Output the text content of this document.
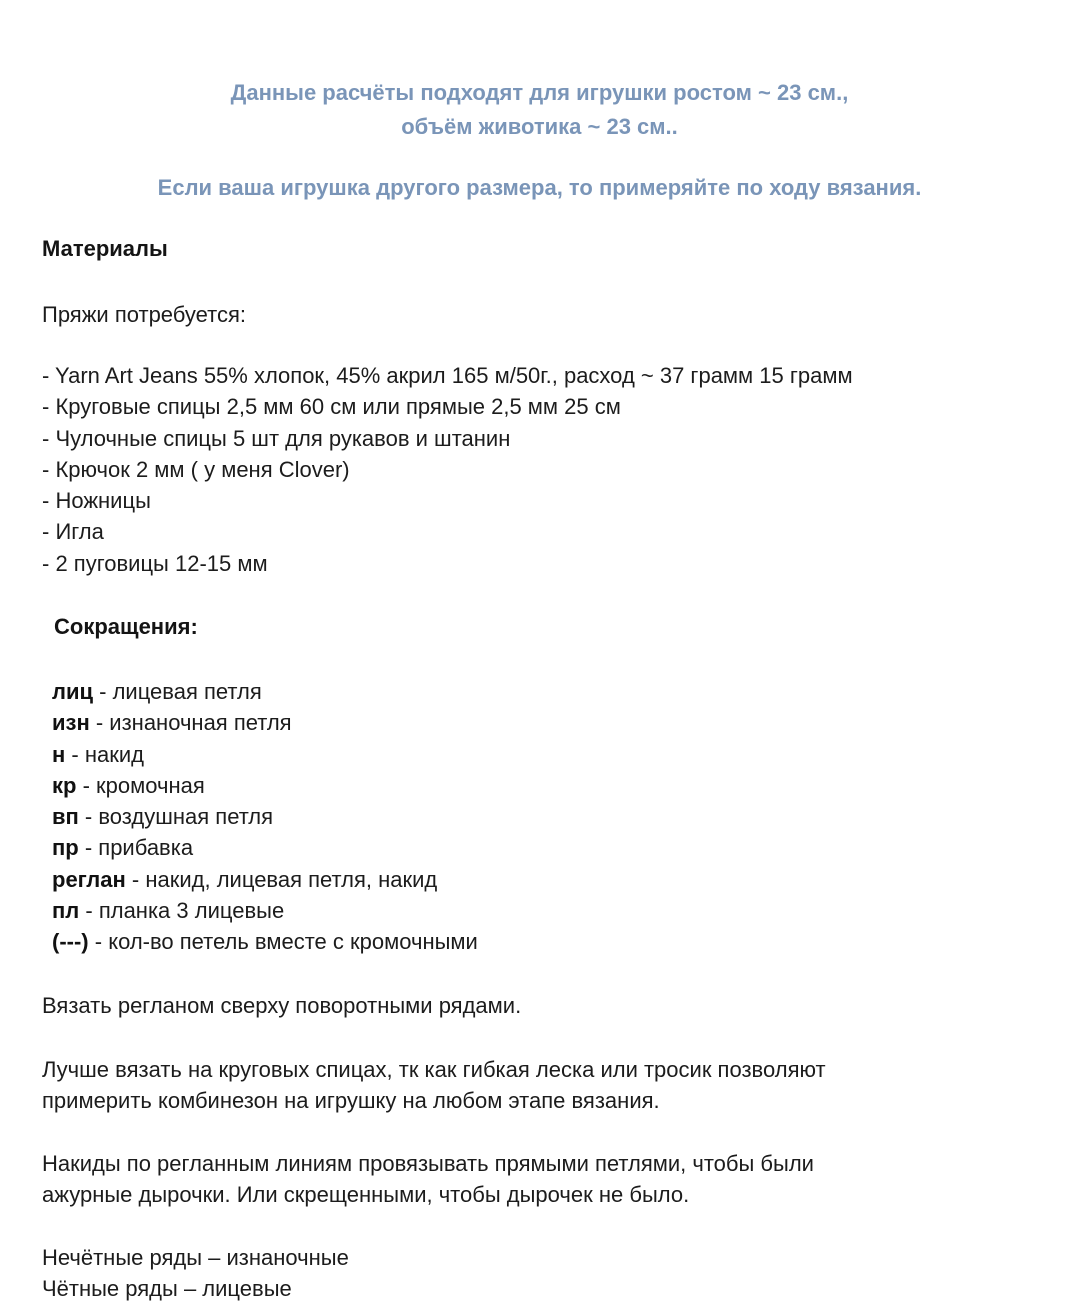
Данные расчёты подходят для игрушки ростом ~ 23 см.,
объём животика ~ 23 см..
Если ваша игрушка другого размера, то примеряйте по ходу вязания.
Материалы
Пряжи потребуется:
- Yarn Art Jeans 55% хлопок, 45% акрил 165 м/50г., расход ~ 37 грамм 15 грамм
- Круговые спицы 2,5 мм 60 см или прямые 2,5 мм 25 см
- Чулочные спицы 5 шт для рукавов и штанин
- Крючок 2 мм ( у меня Clover)
- Ножницы
- Игла
- 2 пуговицы 12-15 мм
Сокращения:
лиц - лицевая петля
изн - изнаночная петля
н - накид
кр - кромочная
вп - воздушная петля
пр - прибавка
реглан - накид, лицевая петля, накид
пл - планка 3 лицевые
(---) - кол-во петель вместе с кромочными
Вязать регланом сверху поворотными рядами.
Лучше вязать на круговых спицах, тк как гибкая леска или тросик позволяют
примерить комбинезон на игрушку на любом этапе вязания.
Накиды по регланным линиям провязывать прямыми петлями, чтобы были
ажурные дырочки. Или скрещенными, чтобы дырочек не было.
Нечётные ряды – изнаночные
Чётные ряды – лицевые
